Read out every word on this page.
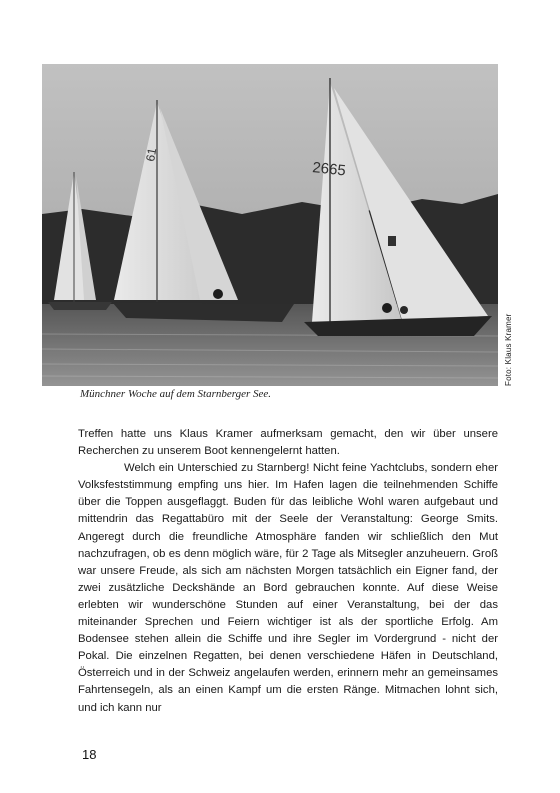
61
2665
Foto: Klaus Kramer
Münchner Woche auf dem Starnberger See.

Treffen hatte uns Klaus Kramer aufmerksam gemacht, den wir über unsere Recherchen zu unserem Boot kennengelernt hatten.

Welch ein Unterschied zu Starnberg! Nicht feine Yachtclubs, sondern eher Volksfeststimmung empfing uns hier. Im Hafen lagen die teilnehmenden Schiffe über die Toppen ausgeflaggt. Buden für das leibliche Wohl waren aufgebaut und mittendrin das Regattabüro mit der Seele der Veranstaltung: George Smits. Angeregt durch die freundliche Atmosphäre fanden wir schließlich den Mut nachzufragen, ob es denn möglich wäre, für 2 Tage als Mitsegler anzuheuern. Groß war unsere Freude, als sich am nächsten Morgen tatsächlich ein Eigner fand, der zwei zusätzliche Deckshände an Bord gebrauchen konnte. Auf diese Weise erlebten wir wunderschöne Stunden auf einer Veranstaltung, bei der das miteinander Sprechen und Feiern wichtiger ist als der sportliche Erfolg. Am Bodensee stehen allein die Schiffe und ihre Segler im Vordergrund - nicht der Pokal. Die einzelnen Regatten, bei denen verschiedene Häfen in Deutschland, Österreich und in der Schweiz angelaufen werden, erinnern mehr an gemeinsames Fahrtensegeln, als an einen Kampf um die ersten Ränge. Mitmachen lohnt sich, und ich kann nur

18
